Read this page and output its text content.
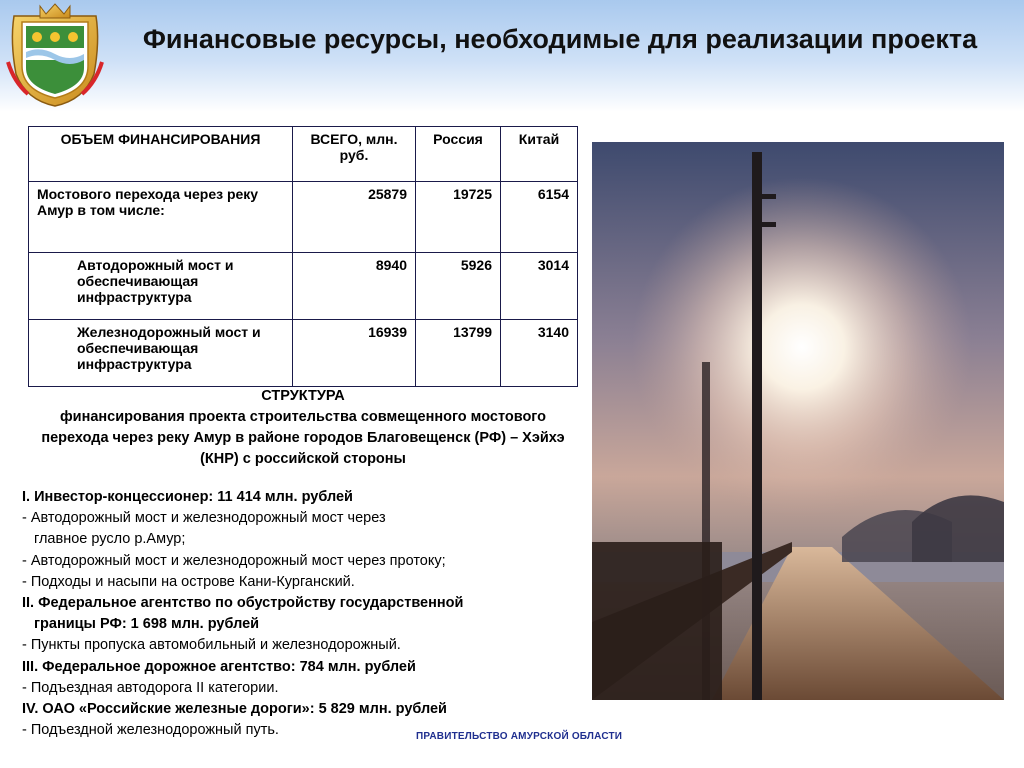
Финансовые ресурсы, необходимые для реализации проекта
ОБЪЕМ ФИНАНСИРОВАНИЯ	ВСЕГО, млн. руб.	Россия	Китай
Мостового перехода через реку Амур в том числе:	25879	19725	6154
Автодорожный мост и обеспечивающая инфраструктура	8940	5926	3014
Железнодорожный мост и обеспечивающая инфраструктура	16939	13799	3140
СТРУКТУРА
финансирования проекта строительства совмещенного мостового перехода через реку Амур в районе городов Благовещенск (РФ) – Хэйхэ (КНР) с российской стороны
I. Инвестор-концессионер: 11 414 млн. рублей
- Автодорожный мост и железнодорожный мост через
главное русло р.Амур;
- Автодорожный мост и железнодорожный мост через протоку;
- Подходы и насыпи на острове Кани-Курганский.
II. Федеральное агентство по обустройству государственной
границы РФ: 1 698 млн. рублей
- Пункты пропуска автомобильный и железнодорожный.
III. Федеральное дорожное агентство: 784 млн. рублей
- Подъездная автодорога II категории.
IV. ОАО «Российские железные дороги»: 5 829 млн. рублей
- Подъездной железнодорожный путь.	ПРАВИТЕЛЬСТВО АМУРСКОЙ ОБЛАСТИ
